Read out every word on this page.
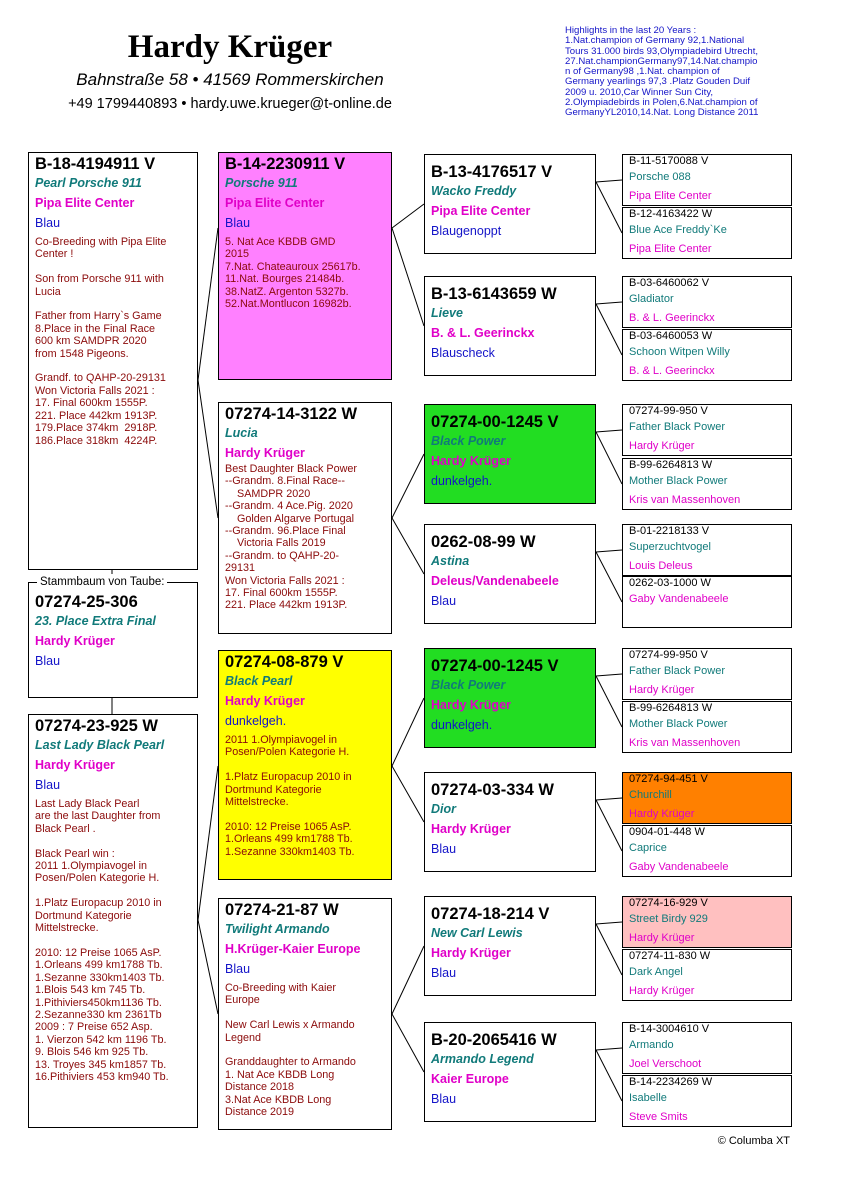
Hardy Krüger
Bahnstraße 58 • 41569 Rommerskirchen
+49 1799440893 • hardy.uwe.krueger@t-online.de
Highlights in the last 20 Years :
1.Nat.champion of Germany 92,1.National
Tours 31.000 birds 93,Olympiadebird Utrecht,
27.Nat.championGermany97,14.Nat.champio
n of Germany98 ,1.Nat. champion of
Germany yearlings 97,3 .Platz Gouden Duif
2009 u. 2010,Car Winner Sun City,
2.Olympiadebirds in Polen,6.Nat.champion of
GermanyYL2010,14.Nat. Long Distance 2011
B-18-4194911 V
Pearl Porsche 911
Pipa Elite Center
Blau
Co-Breeding with Pipa Elite
Center !

Son from Porsche 911 with
Lucia

Father from Harry`s Game
8.Place in the Final Race
600 km SAMDPR 2020
from 1548 Pigeons.

Grandf. to QAHP-20-29131
Won Victoria Falls 2021 :
17. Final 600km 1555P.
221. Place 442km 1913P.
179.Place 374km  2918P.
186.Place 318km  4224P.
Stammbaum von Taube:
07274-25-306
23. Place Extra Final
Hardy Krüger
Blau
07274-23-925 W
Last Lady Black Pearl
Hardy Krüger
Blau
Last Lady Black Pearl
are the last Daughter from
Black Pearl .

Black Pearl win :
2011 1.Olympiavogel in
Posen/Polen Kategorie H.

1.Platz Europacup 2010 in
Dortmund Kategorie
Mittelstrecke.

2010: 12 Preise 1065 AsP.
1.Orleans 499 km1788 Tb.
1.Sezanne 330km1403 Tb.
1.Blois 543 km 745 Tb.
1.Pithiviers450km1136 Tb.
2.Sezanne330 km 2361Tb
2009 : 7 Preise 652 Asp.
1. Vierzon 542 km 1196 Tb.
9. Blois 546 km 925 Tb.
13. Troyes 345 km1857 Tb.
16.Pithiviers 453 km940 Tb.
B-14-2230911 V
Porsche 911
Pipa Elite Center
Blau
5. Nat Ace KBDB GMD
2015
7.Nat. Chateauroux 25617b.
11.Nat. Bourges 21484b.
38.NatZ. Argenton 5327b.
52.Nat.Montlucon 16982b.
07274-14-3122 W
Lucia
Hardy Krüger
Best Daughter Black Power
--Grandm. 8.Final Race--
SAMDPR 2020
--Grandm. 4 Ace.Pig. 2020
Golden Algarve Portugal
--Grandm. 96.Place Final
Victoria Falls 2019
--Grandm. to QAHP-20-
29131
Won Victoria Falls 2021 :
17. Final 600km 1555P.
221. Place 442km 1913P.
07274-08-879 V
Black Pearl
Hardy Krüger
dunkelgeh.
2011 1.Olympiavogel in
Posen/Polen Kategorie H.

1.Platz Europacup 2010 in
Dortmund Kategorie
Mittelstrecke.

2010: 12 Preise 1065 AsP.
1.Orleans 499 km1788 Tb.
1.Sezanne 330km1403 Tb.
07274-21-87 W
Twilight Armando
H.Krüger-Kaier Europe
Blau
Co-Breeding with Kaier
Europe

New Carl Lewis x Armando
Legend

Granddaughter to Armando
1. Nat Ace KBDB Long
Distance 2018
3.Nat Ace KBDB Long
Distance 2019
B-13-4176517 V
Wacko Freddy
Pipa Elite Center
Blaugenoppt
B-13-6143659 W
Lieve
B. & L. Geerinckx
Blauscheck
07274-00-1245 V
Black Power
Hardy Krüger
dunkelgeh.
0262-08-99 W
Astina
Deleus/Vandenabeele
Blau
07274-00-1245 V
Black Power
Hardy Krüger
dunkelgeh.
07274-03-334 W
Dior
Hardy Krüger
Blau
07274-18-214 V
New Carl Lewis
Hardy Krüger
Blau
B-20-2065416 W
Armando Legend
Kaier Europe
Blau
B-11-5170088 V
Porsche 088
Pipa Elite Center
B-12-4163422 W
Blue Ace Freddy`Ke
Pipa Elite Center
B-03-6460062 V
Gladiator
B. & L. Geerinckx
B-03-6460053 W
Schoon Witpen Willy
B. & L. Geerinckx
07274-99-950 V
Father Black Power
Hardy Krüger
B-99-6264813 W
Mother Black Power
Kris van Massenhoven
B-01-2218133 V
Superzuchtvogel
Louis Deleus
0262-03-1000 W
Gaby Vandenabeele
07274-99-950 V
Father Black Power
Hardy Krüger
B-99-6264813 W
Mother Black Power
Kris van Massenhoven
07274-94-451 V
Churchill
Hardy Krüger
0904-01-448 W
Caprice
Gaby Vandenabeele
07274-16-929 V
Street Birdy 929
Hardy Krüger
07274-11-830 W
Dark Angel
Hardy Krüger
B-14-3004610 V
Armando
Joel Verschoot
B-14-2234269 W
Isabelle
Steve Smits
© Columba XT
